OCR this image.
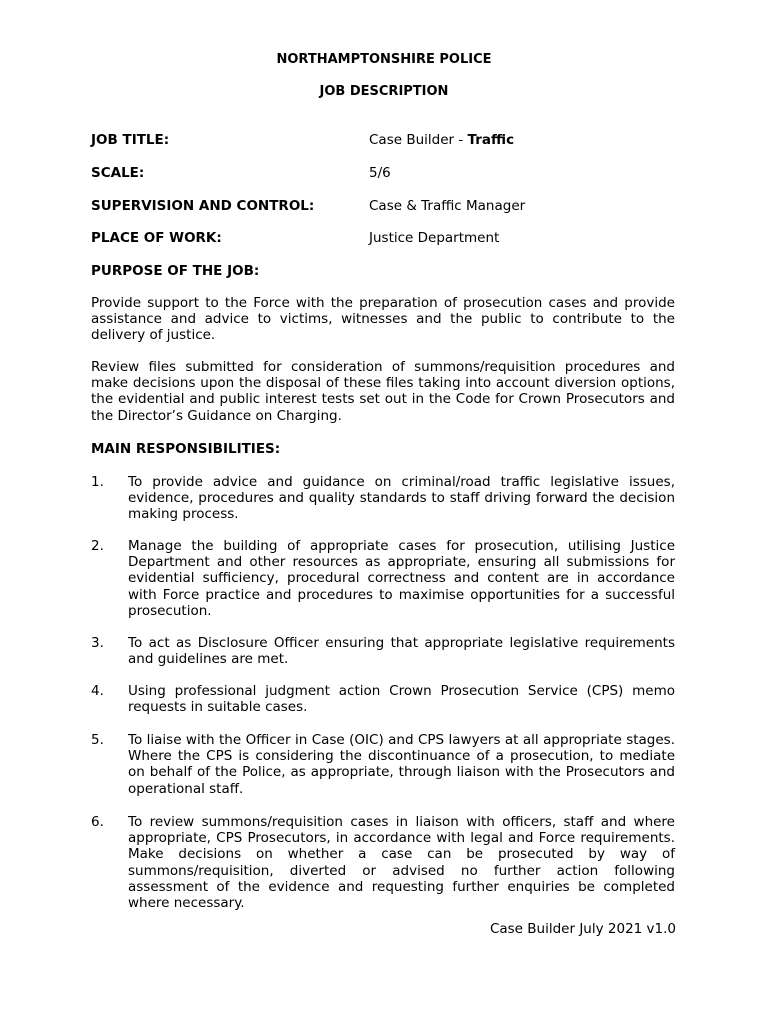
NORTHAMPTONSHIRE POLICE
JOB DESCRIPTION
JOB TITLE:	Case Builder - Traffic
SCALE:	5/6
SUPERVISION AND CONTROL:	Case & Traffic Manager
PLACE OF WORK:	Justice Department
PURPOSE OF THE JOB:

Provide support to the Force with the preparation of prosecution cases and provide assistance and advice to victims, witnesses and the public to contribute to the delivery of justice.

Review files submitted for consideration of summons/requisition procedures and make decisions upon the disposal of these files taking into account diversion options, the evidential and public interest tests set out in the Code for Crown Prosecutors and the Director’s Guidance on Charging.

MAIN RESPONSIBILITIES:
1. To provide advice and guidance on criminal/road traffic legislative issues, evidence, procedures and quality standards to staff driving forward the decision making process.

2. Manage the building of appropriate cases for prosecution, utilising Justice Department and other resources as appropriate, ensuring all submissions for evidential sufficiency, procedural correctness and content are in accordance with Force practice and procedures to maximise opportunities for a successful prosecution.

3. To act as Disclosure Officer ensuring that appropriate legislative requirements and guidelines are met.

4. Using professional judgment action Crown Prosecution Service (CPS) memo requests in suitable cases.

5. To liaise with the Officer in Case (OIC) and CPS lawyers at all appropriate stages. Where the CPS is considering the discontinuance of a prosecution, to mediate on behalf of the Police, as appropriate, through liaison with the Prosecutors and operational staff.

6. To review summons/requisition cases in liaison with officers, staff and where appropriate, CPS Prosecutors, in accordance with legal and Force requirements. Make decisions on whether a case can be prosecuted by way of summons/requisition, diverted or advised no further action following assessment of the evidence and requesting further enquiries be completed where necessary.

Case Builder July 2021 v1.0
